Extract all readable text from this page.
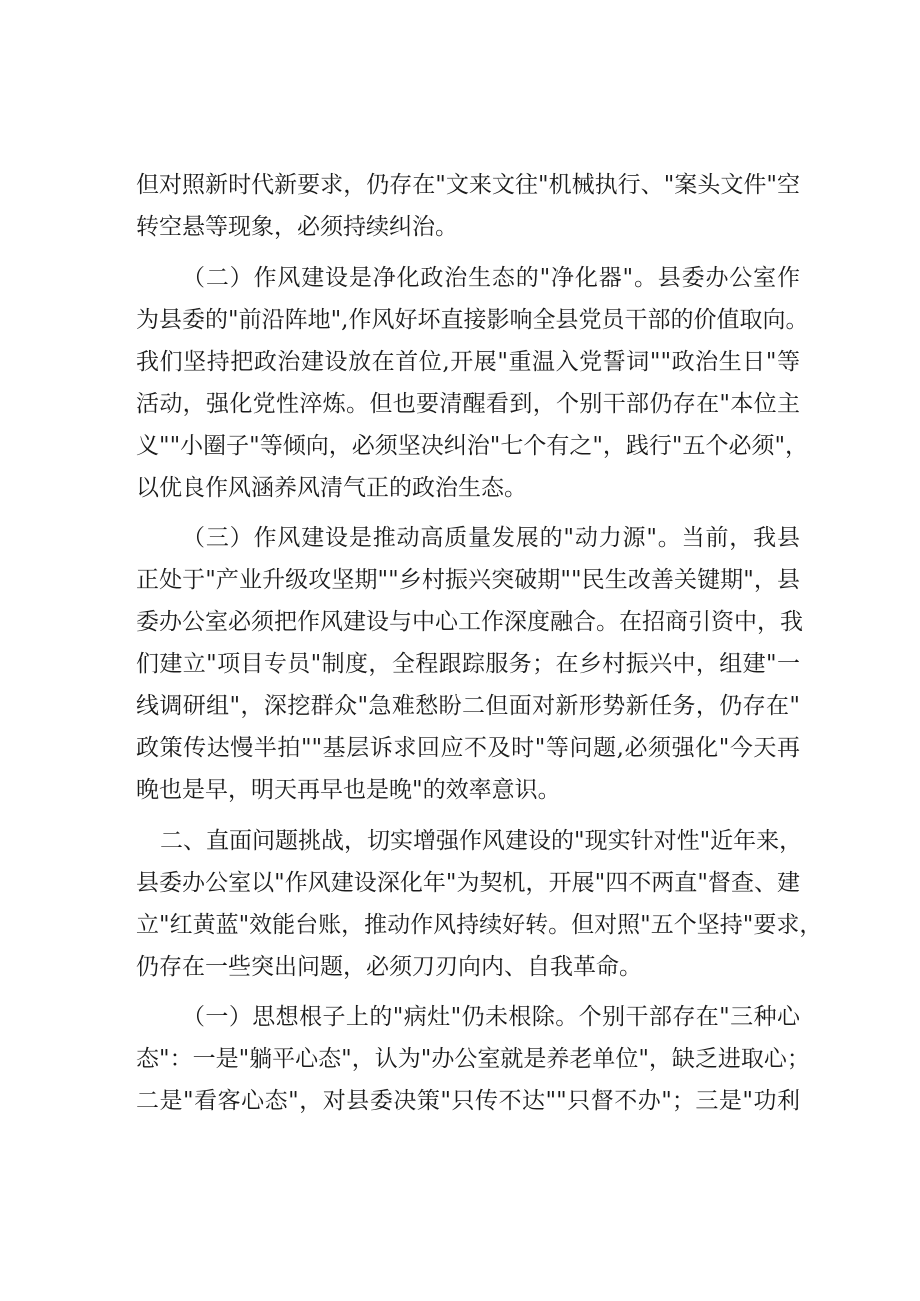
但对照新时代新要求，仍存在"文来文往"机械执行、"案头文件"空
转空悬等现象，必须持续纠治。
（二）作风建设是净化政治生态的"净化器"。县委办公室作
为县委的"前沿阵地",作风好坏直接影响全县党员干部的价值取向。
我们坚持把政治建设放在首位,开展"重温入党誓词""政治生日"等
活动，强化党性淬炼。但也要清醒看到，个别干部仍存在"本位主
义""小圈子"等倾向，必须坚决纠治"七个有之"，践行"五个必须"，
以优良作风涵养风清气正的政治生态。
（三）作风建设是推动高质量发展的"动力源"。当前，我县
正处于"产业升级攻坚期""乡村振兴突破期""民生改善关键期"，县
委办公室必须把作风建设与中心工作深度融合。在招商引资中，我
们建立"项目专员"制度，全程跟踪服务；在乡村振兴中，组建"一
线调研组"，深挖群众"急难愁盼二但面对新形势新任务，仍存在"
政策传达慢半拍""基层诉求回应不及时"等问题,必须强化"今天再
晚也是早，明天再早也是晚"的效率意识。
二、直面问题挑战，切实增强作风建设的"现实针对性"近年来，
县委办公室以"作风建设深化年"为契机，开展"四不两直"督查、建
立"红黄蓝"效能台账，推动作风持续好转。但对照"五个坚持"要求，
仍存在一些突出问题，必须刀刃向内、自我革命。
（一）思想根子上的"病灶"仍未根除。个别干部存在"三种心
态"：一是"躺平心态"，认为"办公室就是养老单位"，缺乏进取心；
二是"看客心态"，对县委决策"只传不达""只督不办"；三是"功利
